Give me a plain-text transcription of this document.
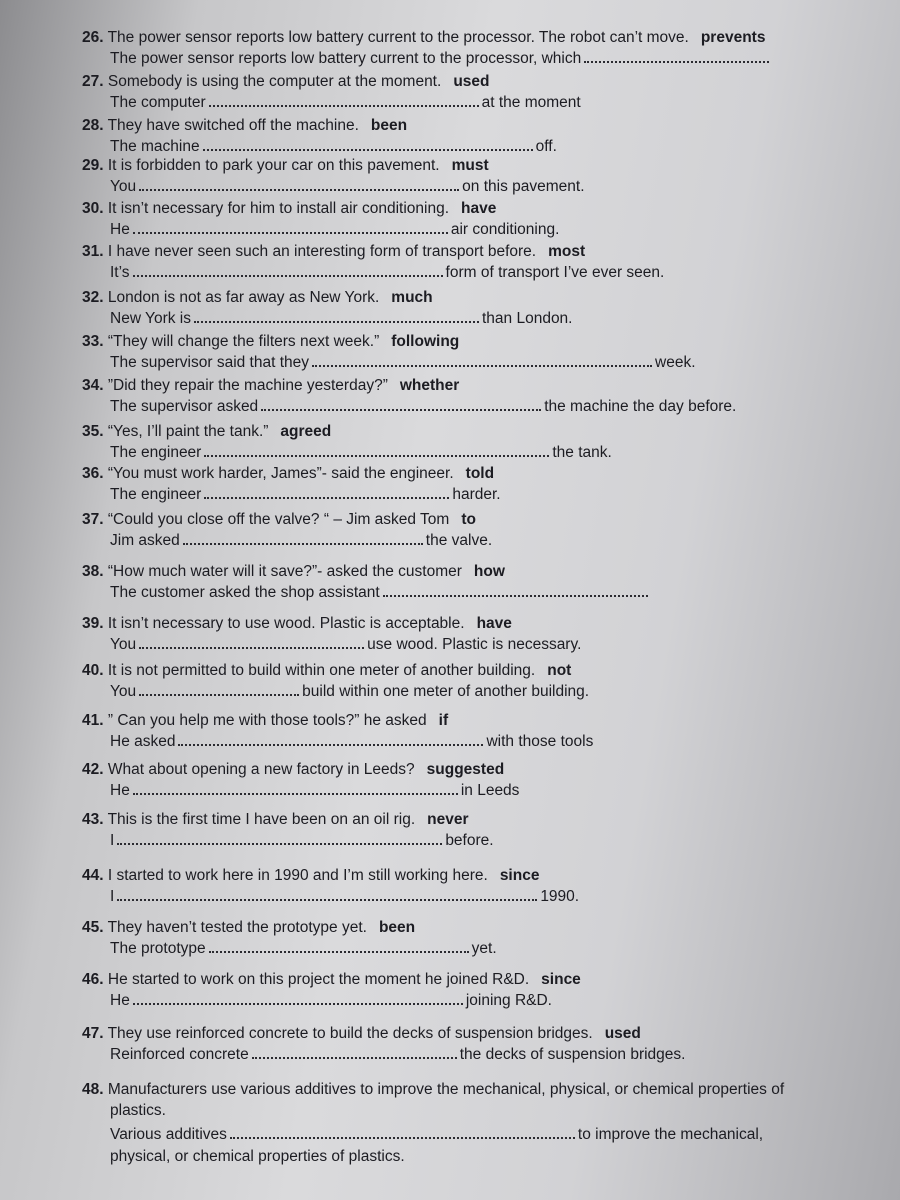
26. The power sensor reports low battery current to the processor. The robot can’t move. prevents
The power sensor reports low battery current to the processor, which
27. Somebody is using the computer at the moment. used
The computer	at the moment
28. They have switched off the machine. been
The machine	off.
29. It is forbidden to park your car on this pavement. must
You	on this pavement.
30. It isn’t necessary for him to install air conditioning. have
He	air conditioning.
31. I have never seen such an interesting form of transport before. most
It’s	form of transport I’ve ever seen.
32. London is not as far away as New York. much
New York is	than London.
33. “They will change the filters next week.” following
The supervisor said that they	week.
34. ”Did they repair the machine yesterday?” whether
The supervisor asked	the machine the day before.
35. “Yes, I’ll paint the tank.” agreed
The engineer	the tank.
36. “You must work harder, James”- said the engineer. told
The engineer	harder.
37. “Could you close off the valve? “ – Jim asked Tom to
Jim asked	the valve.
38. “How much water will it save?”- asked the customer how
The customer asked the shop assistant
39. It isn’t necessary to use wood. Plastic is acceptable. have
You	use wood. Plastic is necessary.
40. It is not permitted to build within one meter of another building. not
You	build within one meter of another building.
41. ” Can you help me with those tools?” he asked if
He asked	with those tools
42. What about opening a new factory in Leeds? suggested
He	in Leeds
43. This is the first time I have been on an oil rig. never
I	before.
44. I started to work here in 1990 and I’m still working here. since
I	1990.
45. They haven’t tested the prototype yet. been
The prototype	yet.
46. He started to work on this project the moment he joined R&D. since
He	joining R&D.
47. They use reinforced concrete to build the decks of suspension bridges. used
Reinforced concrete	the decks of suspension bridges.
48. Manufacturers use various additives to improve the mechanical, physical, or chemical properties of
plastics.
Various additives	to improve the mechanical,
physical, or chemical properties of plastics.
